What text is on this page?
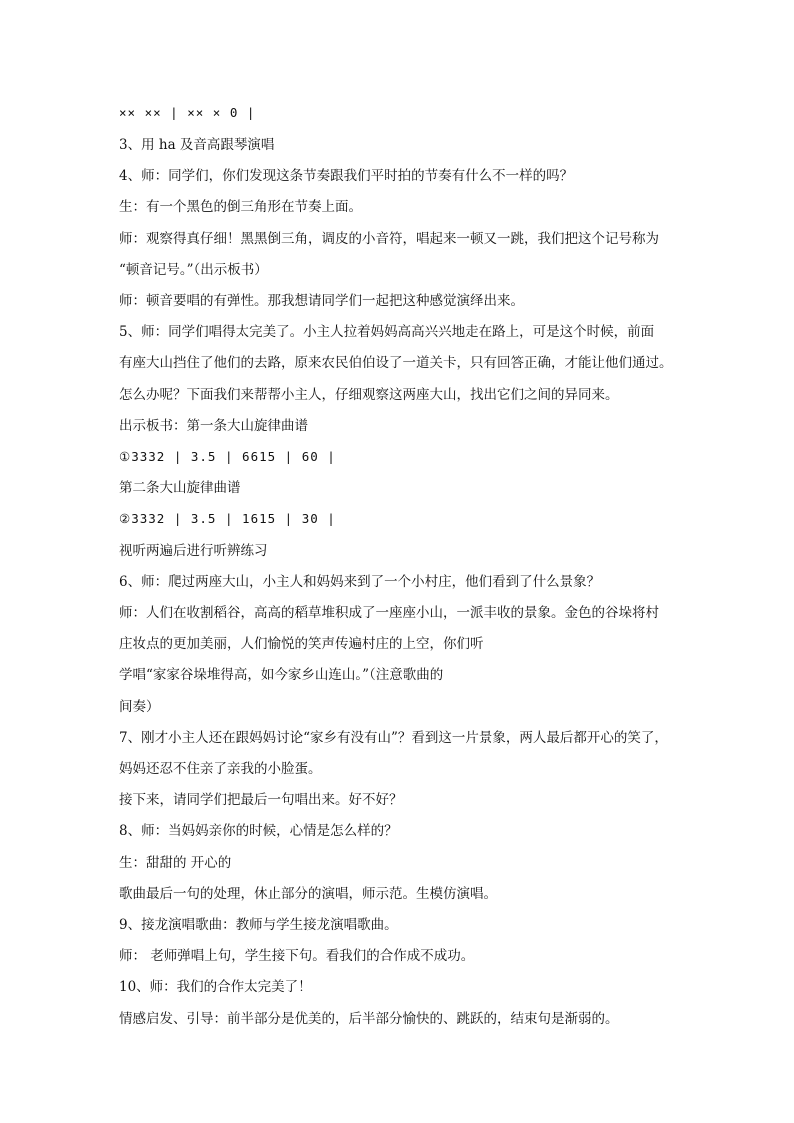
×× ×× | ×× × 0 |
3、用 ha 及音高跟琴演唱
4、师：同学们，你们发现这条节奏跟我们平时拍的节奏有什么不一样的吗？
生：有一个黑色的倒三角形在节奏上面。
师：观察得真仔细！黑黑倒三角，调皮的小音符，唱起来一顿又一跳，我们把这个记号称为
“顿音记号。”（出示板书）
师：顿音要唱的有弹性。那我想请同学们一起把这种感觉演绎出来。
5、师：同学们唱得太完美了。小主人拉着妈妈高高兴兴地走在路上，可是这个时候，前面
有座大山挡住了他们的去路，原来农民伯伯设了一道关卡，只有回答正确，才能让他们通过。
怎么办呢？下面我们来帮帮小主人，仔细观察这两座大山，找出它们之间的异同来。
出示板书：第一条大山旋律曲谱
①3332 | 3.5 | 6615 | 60 |
第二条大山旋律曲谱
②3332 | 3.5 | 1615 | 30 |
视听两遍后进行听辨练习
6、师：爬过两座大山，小主人和妈妈来到了一个小村庄，他们看到了什么景象？
师：人们在收割稻谷，高高的稻草堆积成了一座座小山，一派丰收的景象。金色的谷垛将村
庄妆点的更加美丽，人们愉悦的笑声传遍村庄的上空，你们听
学唱“家家谷垛堆得高，如今家乡山连山。”（注意歌曲的
间奏）
7、刚才小主人还在跟妈妈讨论“家乡有没有山”？看到这一片景象，两人最后都开心的笑了，
妈妈还忍不住亲了亲我的小脸蛋。
接下来，请同学们把最后一句唱出来。好不好？
8、师：当妈妈亲你的时候，心情是怎么样的？
生：甜甜的 开心的
歌曲最后一句的处理，休止部分的演唱，师示范。生模仿演唱。
9、接龙演唱歌曲：教师与学生接龙演唱歌曲。
师： 老师弹唱上句，学生接下句。看我们的合作成不成功。
10、师：我们的合作太完美了！
情感启发、引导：前半部分是优美的，后半部分愉快的、跳跃的，结束句是渐弱的。
